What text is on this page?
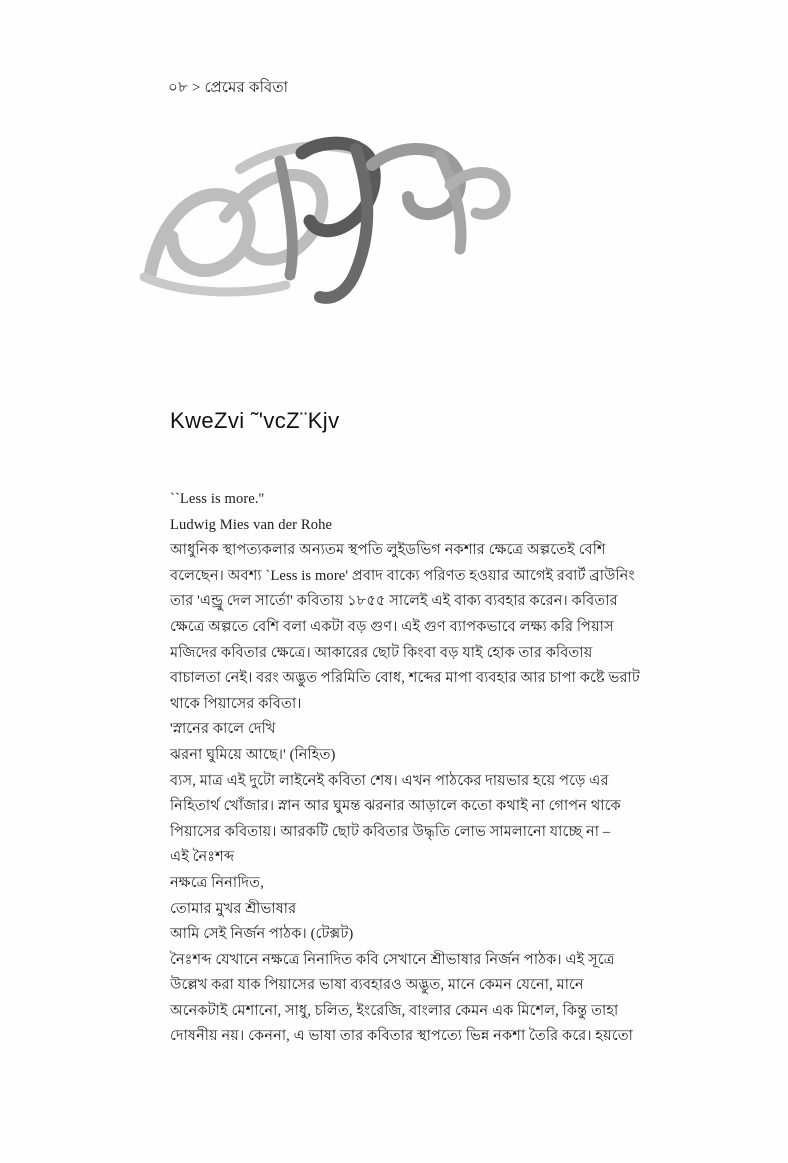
০৮ > প্রেমের কবিতা
KweZvi ˜'vcZ¨Kjv

``Less is more.''

Ludwig Mies van der Rohe

আধুনিক স্থাপত্যকলার অন্যতম স্থপতি লুইডভিগ নকশার ক্ষেত্রে অল্পতেই বেশি বলেছেন। অবশ্য `Less is more' প্রবাদ বাক্যে পরিণত হওয়ার আগেই রবার্ট ব্রাউনিং তার 'এন্ড্রু দেল সার্তো' কবিতায় ১৮৫৫ সালেই এই বাক্য ব্যবহার করেন। কবিতার ক্ষেত্রে অল্পতে বেশি বলা একটা বড় গুণ। এই গুণ ব্যাপকভাবে লক্ষ্য করি পিয়াস মজিদের কবিতার ক্ষেত্রে। আকারের ছোট কিংবা বড় যাই হোক তার কবিতায় বাচালতা নেই। বরং অদ্ভুত পরিমিতি বোধ, শব্দের মাপা ব্যবহার আর চাপা কষ্টে ভরাট থাকে পিয়াসের কবিতা।

'স্নানের কালে দেখি

ঝরনা ঘুমিয়ে আছে।' (নিহিত)

ব্যস, মাত্র এই দুটো লাইনেই কবিতা শেষ। এখন পাঠকের দায়ভার হয়ে পড়ে এর নিহিতার্থ খোঁজার। স্নান আর ঘুমন্ত ঝরনার আড়ালে কতো কথাই না গোপন থাকে পিয়াসের কবিতায়। আরকটি ছোট কবিতার উদ্ধৃতি লোভ সামলানো যাচ্ছে না –

এই নৈঃশব্দ

নক্ষত্রে নিনাদিত,

তোমার মুখর শ্রীভাষার

আমি সেই নির্জন পাঠক। (টেক্সট)

নৈঃশব্দ যেখানে নক্ষত্রে নিনাদিত কবি সেখানে শ্রীভাষার নির্জন পাঠক। এই সূত্রে উল্লেখ করা যাক পিয়াসের ভাষা ব্যবহারও অদ্ভুত, মানে কেমন যেনো, মানে অনেকটাই মেশানো, সাধু, চলিত, ইংরেজি, বাংলার কেমন এক মিশেল, কিন্তু তাহা দোষনীয় নয়। কেননা, এ ভাষা তার কবিতার স্থাপত্যে ভিন্ন নকশা তৈরি করে। হয়তো
